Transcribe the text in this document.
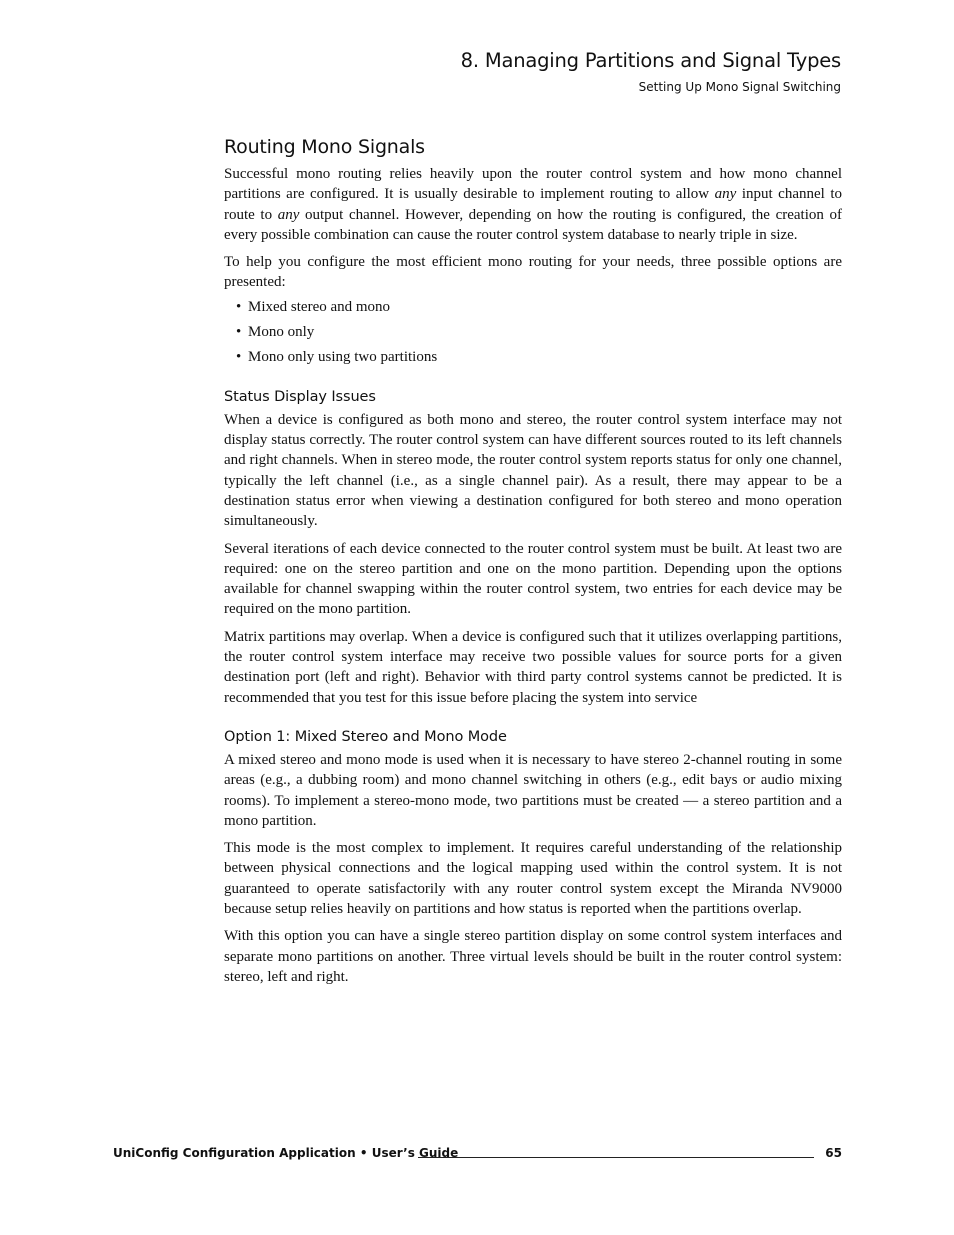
8. Managing Partitions and Signal Types
Setting Up Mono Signal Switching
Routing Mono Signals

Successful mono routing relies heavily upon the router control system and how mono channel partitions are configured. It is usually desirable to implement routing to allow any input channel to route to any output channel. However, depending on how the routing is configured, the creation of every possible combination can cause the router control system database to nearly triple in size.

To help you configure the most efficient mono routing for your needs, three possible options are presented:

• Mixed stereo and mono
• Mono only
• Mono only using two partitions
Status Display Issues

When a device is configured as both mono and stereo, the router control system interface may not display status correctly. The router control system can have different sources routed to its left channels and right channels. When in stereo mode, the router control system reports status for only one channel, typically the left channel (i.e., as a single channel pair). As a result, there may appear to be a destination status error when viewing a destination configured for both stereo and mono operation simultaneously.

Several iterations of each device connected to the router control system must be built. At least two are required: one on the stereo partition and one on the mono partition. Depending upon the options available for channel swapping within the router control system, two entries for each device may be required on the mono partition.

Matrix partitions may overlap. When a device is configured such that it utilizes overlapping partitions, the router control system interface may receive two possible values for source ports for a given destination port (left and right). Behavior with third party control systems cannot be predicted. It is recommended that you test for this issue before placing the system into service

Option 1: Mixed Stereo and Mono Mode

A mixed stereo and mono mode is used when it is necessary to have stereo 2-channel routing in some areas (e.g., a dubbing room) and mono channel switching in others (e.g., edit bays or audio mixing rooms). To implement a stereo-mono mode, two partitions must be created — a stereo partition and a mono partition.

This mode is the most complex to implement. It requires careful understanding of the relationship between physical connections and the logical mapping used within the control system. It is not guaranteed to operate satisfactorily with any router control system except the Miranda NV9000 because setup relies heavily on partitions and how status is reported when the partitions overlap.

With this option you can have a single stereo partition display on some control system interfaces and separate mono partitions on another. Three virtual levels should be built in the router control system: stereo, left and right.

UniConfig Configuration Application • User’s Guide	65
